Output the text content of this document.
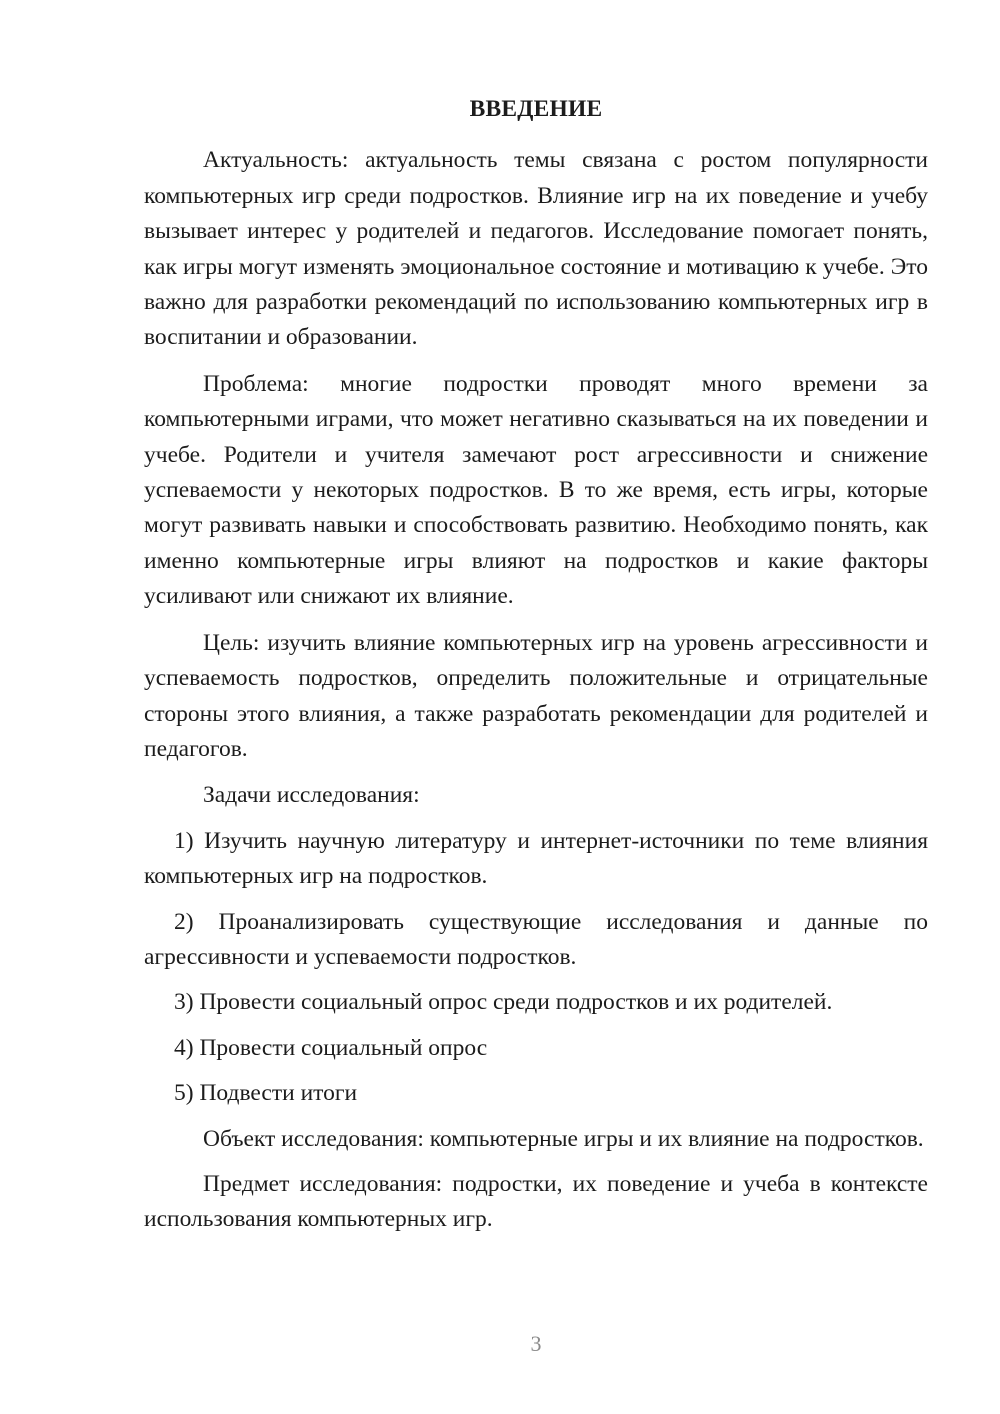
ВВЕДЕНИЕ

Актуальность: актуальность темы связана с ростом популярности компьютерных игр среди подростков. Влияние игр на их поведение и учебу вызывает интерес у родителей и педагогов. Исследование помогает понять, как игры могут изменять эмоциональное состояние и мотивацию к учебе. Это важно для разработки рекомендаций по использованию компьютерных игр в воспитании и образовании.

Проблема: многие подростки проводят много времени за компьютерными играми, что может негативно сказываться на их поведении и учебе. Родители и учителя замечают рост агрессивности и снижение успеваемости у некоторых подростков. В то же время, есть игры, которые могут развивать навыки и способствовать развитию. Необходимо понять, как именно компьютерные игры влияют на подростков и какие факторы усиливают или снижают их влияние.

Цель: изучить влияние компьютерных игр на уровень агрессивности и успеваемость подростков, определить положительные и отрицательные стороны этого влияния, а также разработать рекомендации для родителей и педагогов.

Задачи исследования:

1) Изучить научную литературу и интернет-источники по теме влияния компьютерных игр на подростков.
2) Проанализировать существующие исследования и данные по агрессивности и успеваемости подростков.
3) Провести социальный опрос среди подростков и их родителей.
4) Провести социальный опрос
5) Подвести итоги

Объект исследования: компьютерные игры и их влияние на подростков.

Предмет исследования: подростки, их поведение и учеба в контексте использования компьютерных игр.

3
